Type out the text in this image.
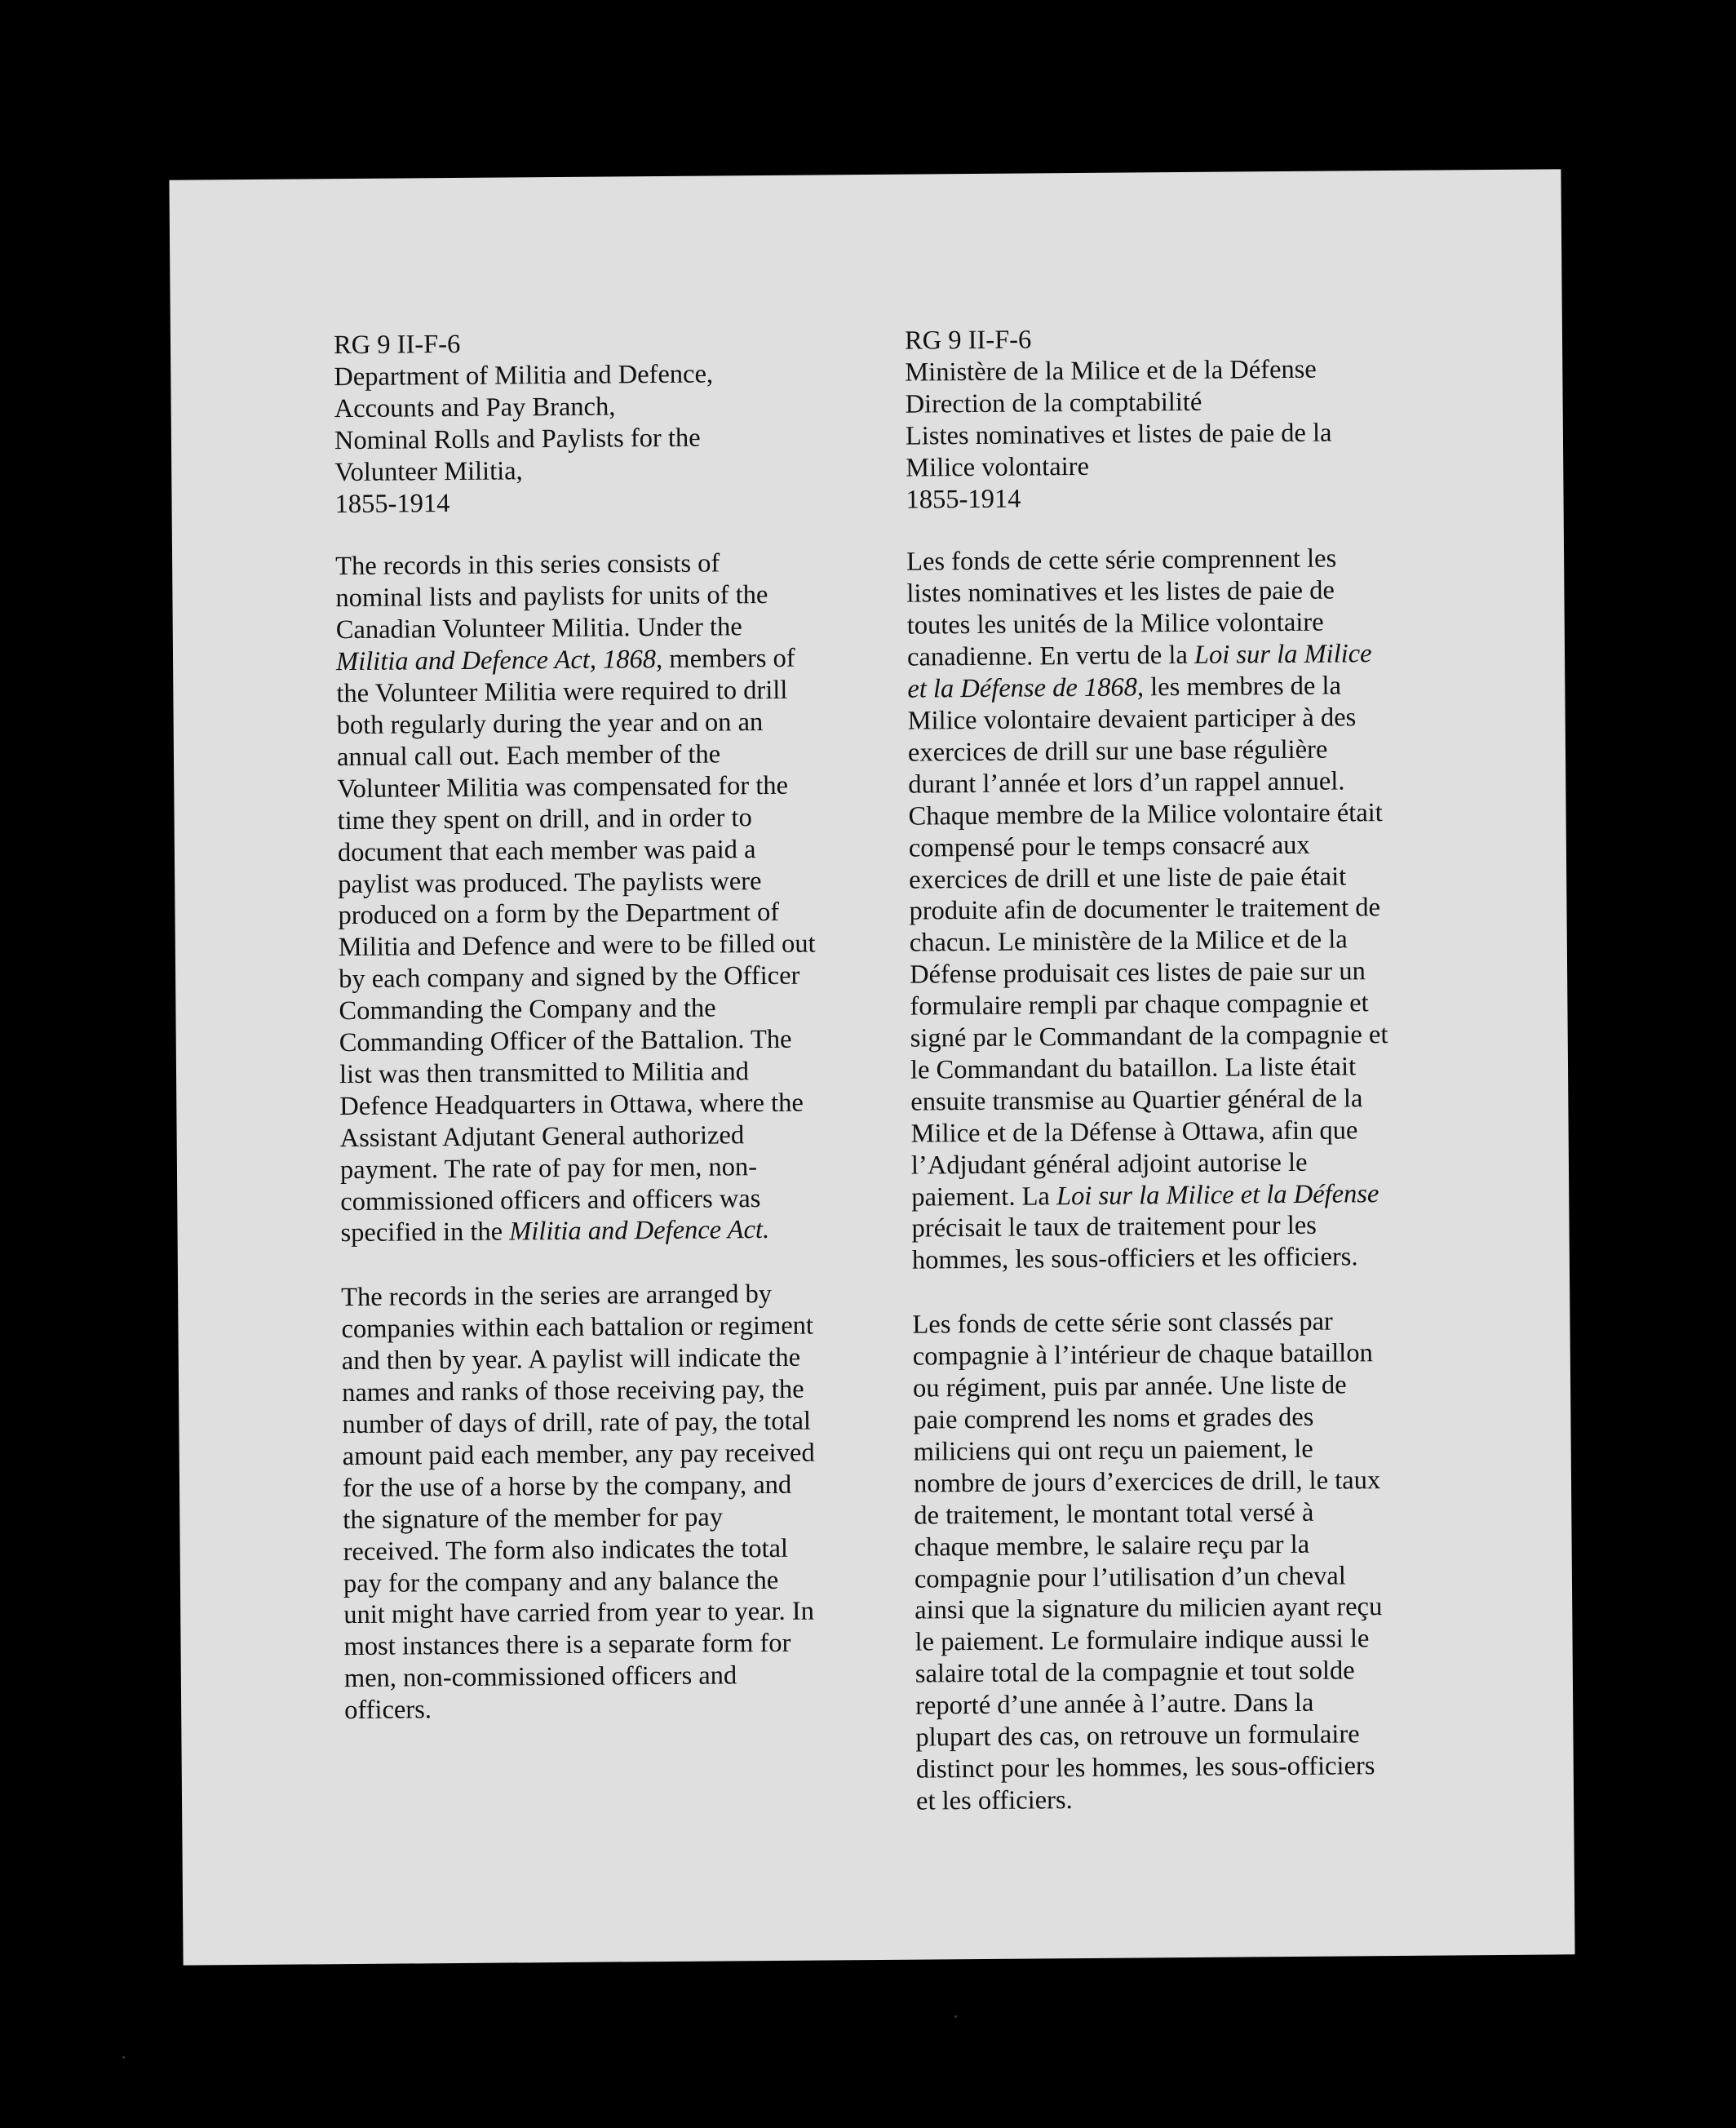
RG 9 II-F-6
Department of Militia and Defence,
Accounts and Pay Branch,
Nominal Rolls and Paylists for the
Volunteer Militia,
1855-1914
The records in this series consists of
nominal lists and paylists for units of the
Canadian Volunteer Militia. Under the
Militia and Defence Act, 1868, members of
the Volunteer Militia were required to drill
both regularly during the year and on an
annual call out. Each member of the
Volunteer Militia was compensated for the
time they spent on drill, and in order to
document that each member was paid a
paylist was produced. The paylists were
produced on a form by the Department of
Militia and Defence and were to be filled out
by each company and signed by the Officer
Commanding the Company and the
Commanding Officer of the Battalion. The
list was then transmitted to Militia and
Defence Headquarters in Ottawa, where the
Assistant Adjutant General authorized
payment. The rate of pay for men, non-
commissioned officers and officers was
specified in the Militia and Defence Act.
The records in the series are arranged by
companies within each battalion or regiment
and then by year. A paylist will indicate the
names and ranks of those receiving pay, the
number of days of drill, rate of pay, the total
amount paid each member, any pay received
for the use of a horse by the company, and
the signature of the member for pay
received. The form also indicates the total
pay for the company and any balance the
unit might have carried from year to year. In
most instances there is a separate form for
men, non-commissioned officers and
officers.
RG 9 II-F-6
Ministère de la Milice et de la Défense
Direction de la comptabilité
Listes nominatives et listes de paie de la
Milice volontaire
1855-1914
Les fonds de cette série comprennent les
listes nominatives et les listes de paie de
toutes les unités de la Milice volontaire
canadienne. En vertu de la Loi sur la Milice
et la Défense de 1868, les membres de la
Milice volontaire devaient participer à des
exercices de drill sur une base régulière
durant l’année et lors d’un rappel annuel.
Chaque membre de la Milice volontaire était
compensé pour le temps consacré aux
exercices de drill et une liste de paie était
produite afin de documenter le traitement de
chacun. Le ministère de la Milice et de la
Défense produisait ces listes de paie sur un
formulaire rempli par chaque compagnie et
signé par le Commandant de la compagnie et
le Commandant du bataillon. La liste était
ensuite transmise au Quartier général de la
Milice et de la Défense à Ottawa, afin que
l’Adjudant général adjoint autorise le
paiement. La Loi sur la Milice et la Défense
précisait le taux de traitement pour les
hommes, les sous-officiers et les officiers.
Les fonds de cette série sont classés par
compagnie à l’intérieur de chaque bataillon
ou régiment, puis par année. Une liste de
paie comprend les noms et grades des
miliciens qui ont reçu un paiement, le
nombre de jours d’exercices de drill, le taux
de traitement, le montant total versé à
chaque membre, le salaire reçu par la
compagnie pour l’utilisation d’un cheval
ainsi que la signature du milicien ayant reçu
le paiement. Le formulaire indique aussi le
salaire total de la compagnie et tout solde
reporté d’une année à l’autre. Dans la
plupart des cas, on retrouve un formulaire
distinct pour les hommes, les sous-officiers
et les officiers.
